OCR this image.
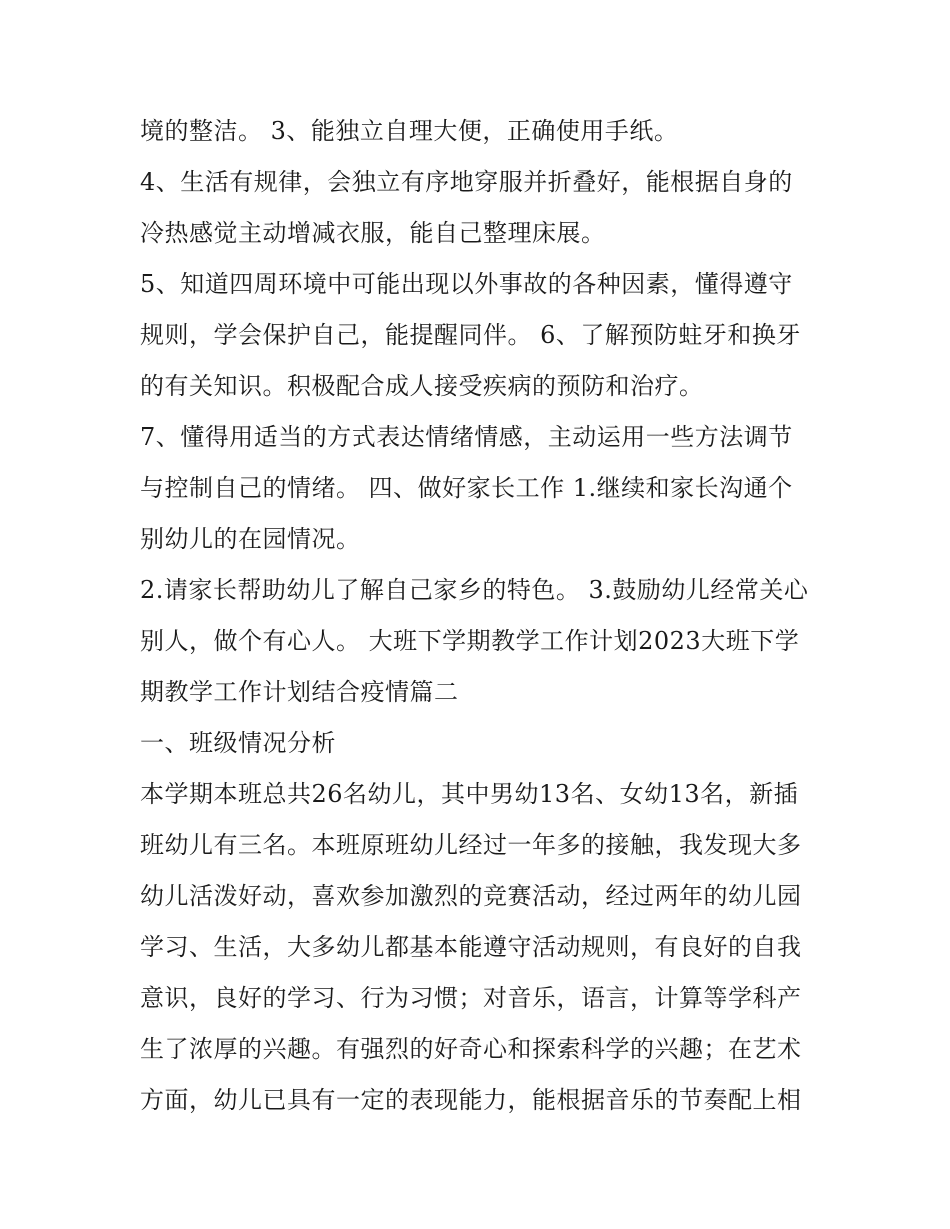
境的整洁。 3、能独立自理大便，正确使用手纸。
4、生活有规律，会独立有序地穿服并折叠好，能根据自身的
冷热感觉主动增减衣服，能自己整理床展。
5、知道四周环境中可能出现以外事故的各种因素，懂得遵守
规则，学会保护自己，能提醒同伴。 6、了解预防蛀牙和换牙
的有关知识。积极配合成人接受疾病的预防和治疗。
7、懂得用适当的方式表达情绪情感，主动运用一些方法调节
与控制自己的情绪。 四、做好家长工作 1.继续和家长沟通个
别幼儿的在园情况。
2.请家长帮助幼儿了解自己家乡的特色。 3.鼓励幼儿经常关心
别人，做个有心人。 大班下学期教学工作计划2023大班下学
期教学工作计划结合疫情篇二
一、班级情况分析
本学期本班总共26名幼儿，其中男幼13名、女幼13名，新插
班幼儿有三名。本班原班幼儿经过一年多的接触，我发现大多
幼儿活泼好动，喜欢参加激烈的竞赛活动，经过两年的幼儿园
学习、生活，大多幼儿都基本能遵守活动规则，有良好的自我
意识，良好的学习、行为习惯；对音乐，语言，计算等学科产
生了浓厚的兴趣。有强烈的好奇心和探索科学的兴趣；在艺术
方面，幼儿已具有一定的表现能力，能根据音乐的节奏配上相
